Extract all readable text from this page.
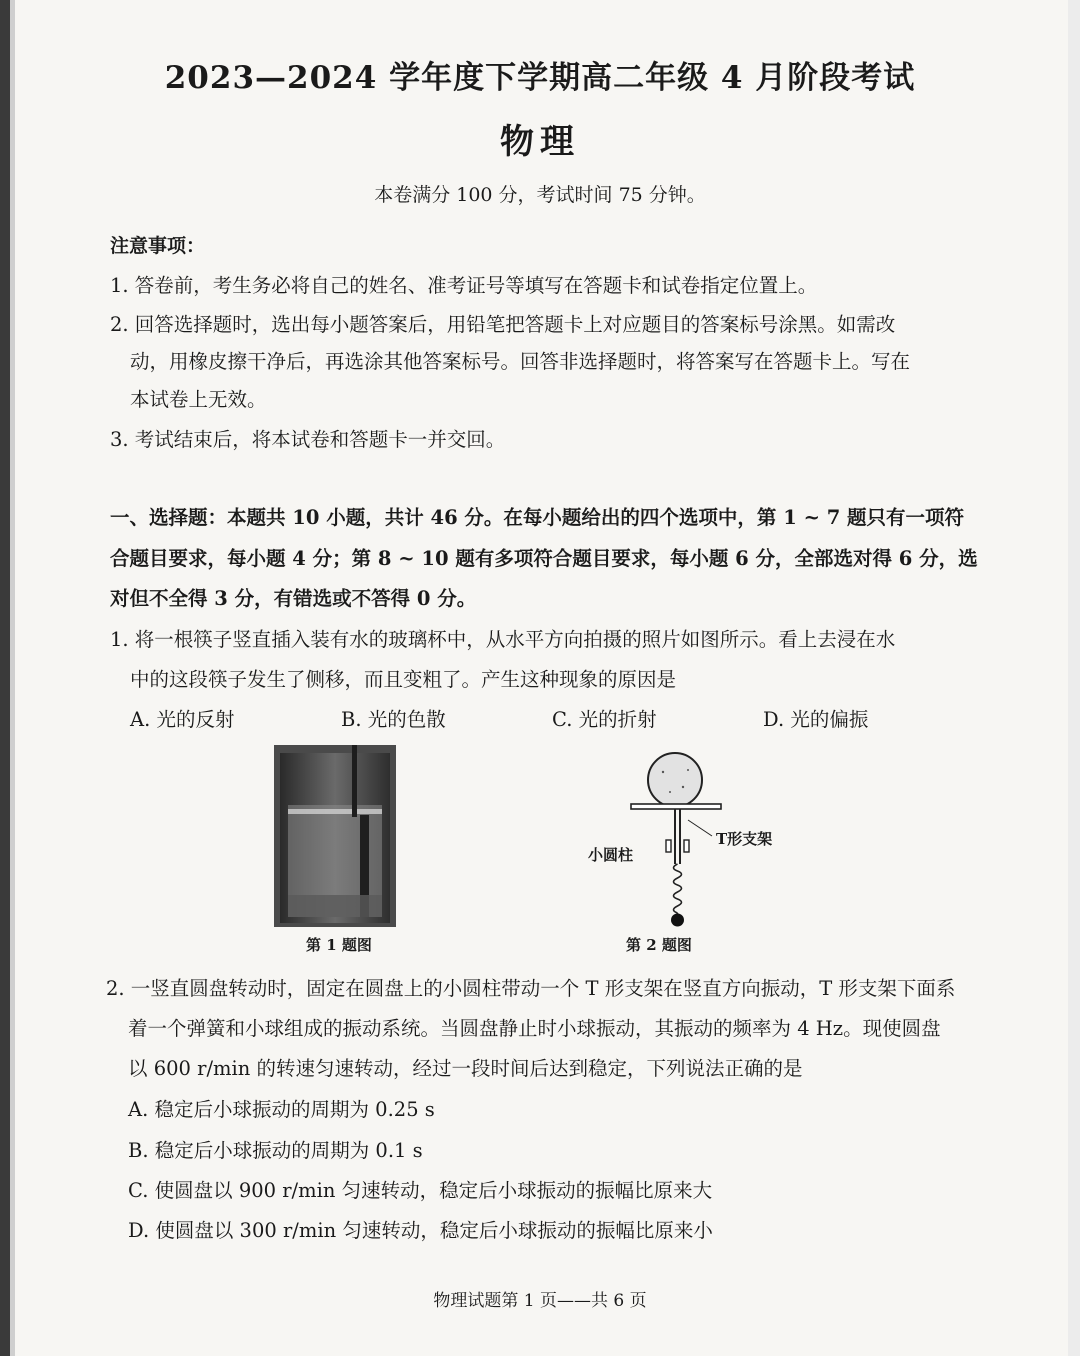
2023—2024 学年度下学期高二年级 4 月阶段考试
物理
本卷满分 100 分，考试时间 75 分钟。
注意事项：
1. 答卷前，考生务必将自己的姓名、准考证号等填写在答题卡和试卷指定位置上。
2. 回答选择题时，选出每小题答案后，用铅笔把答题卡上对应题目的答案标号涂黑。如需改
动，用橡皮擦干净后，再选涂其他答案标号。回答非选择题时，将答案写在答题卡上。写在
本试卷上无效。
3. 考试结束后，将本试卷和答题卡一并交回。
一、选择题：本题共 10 小题，共计 46 分。在每小题给出的四个选项中，第 1 ~ 7 题只有一项符
合题目要求，每小题 4 分；第 8 ~ 10 题有多项符合题目要求，每小题 6 分，全部选对得 6 分，选
对但不全得 3 分，有错选或不答得 0 分。
1. 将一根筷子竖直插入装有水的玻璃杯中，从水平方向拍摄的照片如图所示。看上去浸在水
中的这段筷子发生了侧移，而且变粗了。产生这种现象的原因是
A. 光的反射	B. 光的色散	C. 光的折射	D. 光的偏振
第 1 题图
小圆柱
T形支架
第 2 题图
2. 一竖直圆盘转动时，固定在圆盘上的小圆柱带动一个 T 形支架在竖直方向振动，T 形支架下面系
着一个弹簧和小球组成的振动系统。当圆盘静止时小球振动，其振动的频率为 4 Hz。现使圆盘
以 600 r/min 的转速匀速转动，经过一段时间后达到稳定，下列说法正确的是
A. 稳定后小球振动的周期为 0.25 s
B. 稳定后小球振动的周期为 0.1 s
C. 使圆盘以 900 r/min 匀速转动，稳定后小球振动的振幅比原来大
D. 使圆盘以 300 r/min 匀速转动，稳定后小球振动的振幅比原来小
物理试题第 1 页——共 6 页
